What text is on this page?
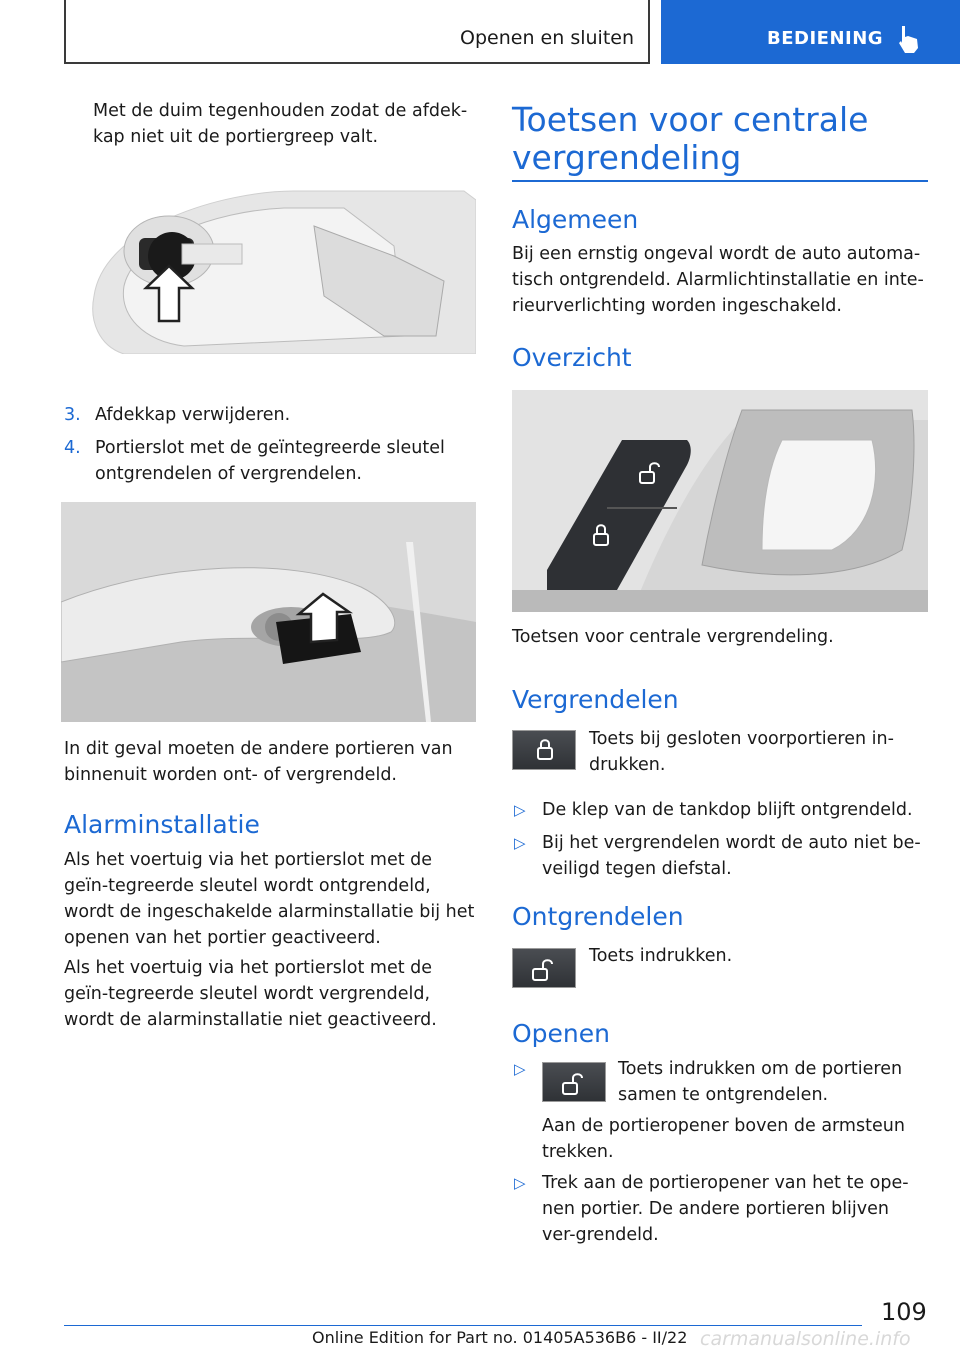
Openen en sluiten	BEDIENING
Met de duim tegenhouden zodat de afdek-kap niet uit de portiergreep valt.
3. Afdekkap verwijderen.
4. Portierslot met de geïntegreerde sleutel ontgrendelen of vergrendelen.
In dit geval moeten de andere portieren van binnenuit worden ont- of vergrendeld.
Alarminstallatie
Als het voertuig via het portierslot met de geïn-tegreerde sleutel wordt ontgrendeld, wordt de ingeschakelde alarminstallatie bij het openen van het portier geactiveerd.
Als het voertuig via het portierslot met de geïn-tegreerde sleutel wordt vergrendeld, wordt de alarminstallatie niet geactiveerd.
Toetsen voor centrale vergrendeling
Algemeen
Bij een ernstig ongeval wordt de auto automa-tisch ontgrendeld. Alarmlichtinstallatie en inte-rieurverlichting worden ingeschakeld.
Overzicht
Toetsen voor centrale vergrendeling.
Vergrendelen
Toets bij gesloten voorportieren in-drukken.
▷ De klep van de tankdop blijft ontgrendeld.
▷ Bij het vergrendelen wordt de auto niet be-veiligd tegen diefstal.
Ontgrendelen
Toets indrukken.
Openen
▷	Toets indrukken om de portieren samen te ontgrendelen.
Aan de portieropener boven de armsteun trekken.
▷ Trek aan de portieropener van het te ope-nen portier. De andere portieren blijven ver-grendeld.
109
carmanualsonline.info
Online Edition for Part no. 01405A536B6 - II/22
